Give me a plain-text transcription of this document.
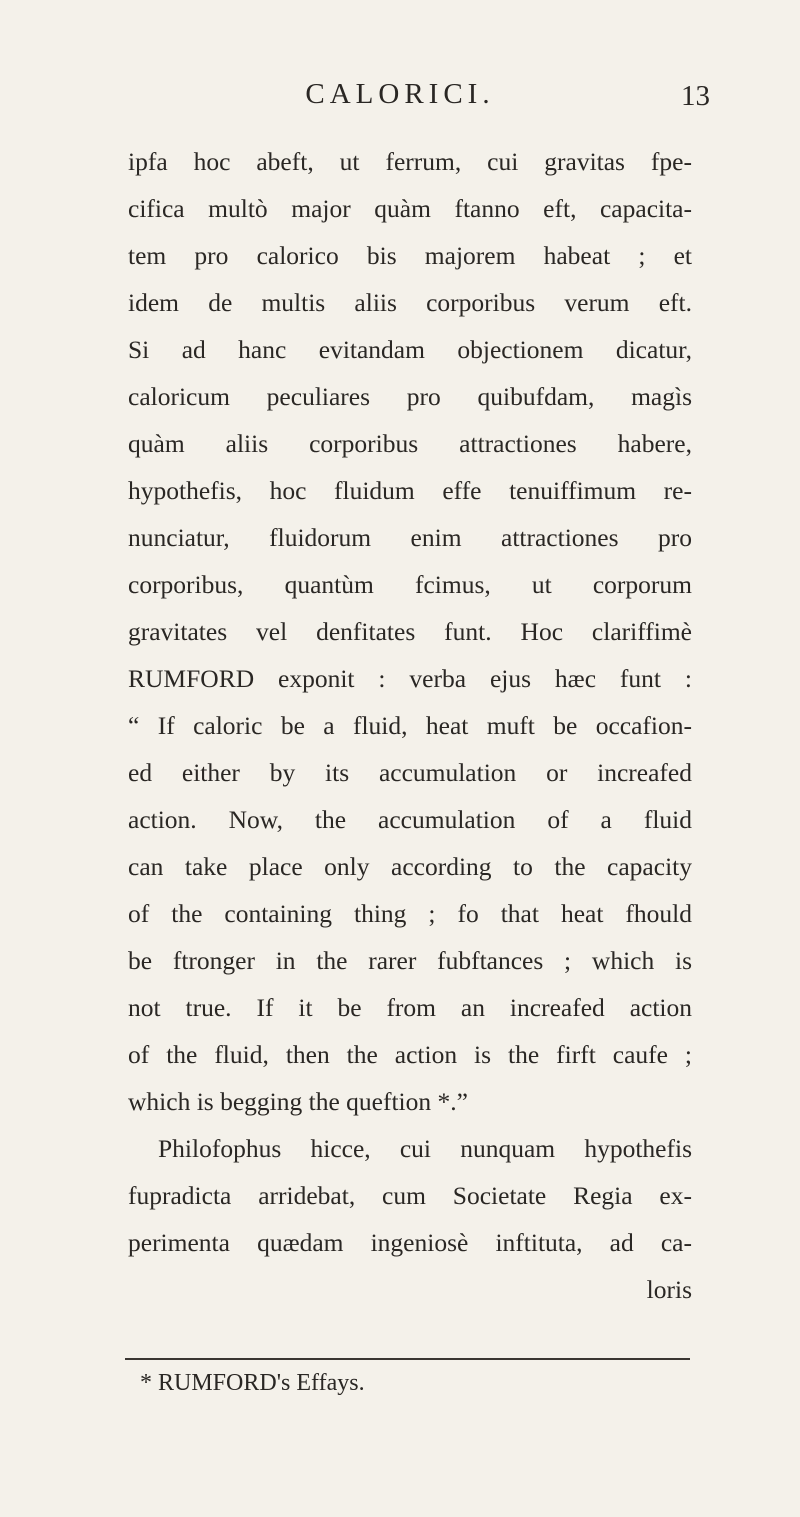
CALORICI.	13
ipfa hoc abeft, ut ferrum, cui gravitas fpe-
cifica multò major quàm ftanno eft, capacita-
tem pro calorico bis majorem habeat ; et
idem de multis aliis corporibus verum eft.
Si ad hanc evitandam objectionem dicatur,
caloricum peculiares pro quibufdam, magìs
quàm aliis corporibus attractiones habere,
hypothefis, hoc fluidum effe tenuiffimum re-
nunciatur, fluidorum enim attractiones pro
corporibus, quantùm fcimus, ut corporum
gravitates vel denfitates funt. Hoc clariffimè
RUMFORD exponit : verba ejus hæc funt :
“ If caloric be a fluid, heat muft be occafion-
ed either by its accumulation or increafed
action. Now, the accumulation of a fluid
can take place only according to the capacity
of the containing thing ; fo that heat fhould
be ftronger in the rarer fubftances ; which is
not true. If it be from an increafed action
of the fluid, then the action is the firft caufe ;
which is begging the queftion *.”
Philofophus hicce, cui nunquam hypothefis
fupradicta arridebat, cum Societate Regia ex-
perimenta quædam ingeniosè inftituta, ad ca-
loris
* RUMFORD's Effays.
